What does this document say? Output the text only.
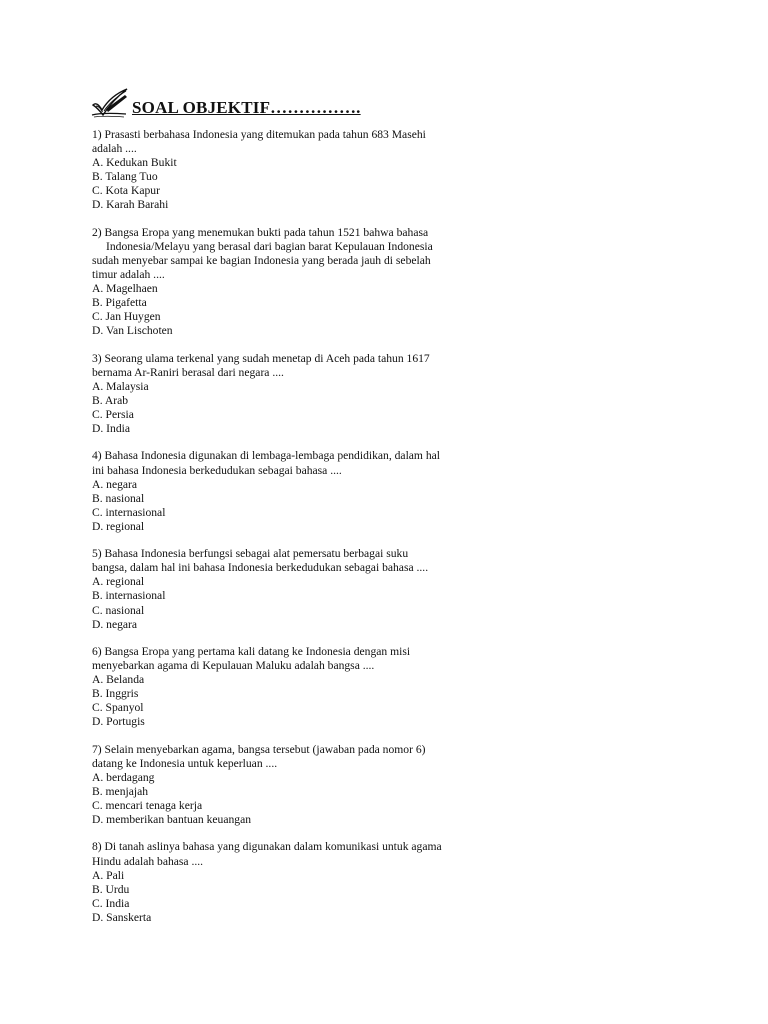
SOAL OBJEKTIF…………….
1) Prasasti berbahasa Indonesia yang ditemukan pada tahun 683 Masehi
adalah ....
A. Kedukan Bukit
B. Talang Tuo
C. Kota Kapur
D. Karah Barahi
2) Bangsa Eropa yang menemukan bukti pada tahun 1521 bahwa bahasa
Indonesia/Melayu yang berasal dari bagian barat Kepulauan Indonesia
sudah menyebar sampai ke bagian Indonesia yang berada jauh di sebelah
timur adalah ....
A. Magelhaen
B. Pigafetta
C. Jan Huygen
D. Van Lischoten
3) Seorang ulama terkenal yang sudah menetap di Aceh pada tahun 1617
bernama Ar-Raniri berasal dari negara ....
A. Malaysia
B. Arab
C. Persia
D. India
4) Bahasa Indonesia digunakan di lembaga-lembaga pendidikan, dalam hal
ini bahasa Indonesia berkedudukan sebagai bahasa ....
A. negara
B. nasional
C. internasional
D. regional
5) Bahasa Indonesia berfungsi sebagai alat pemersatu berbagai suku
bangsa, dalam hal ini bahasa Indonesia berkedudukan sebagai bahasa ....
A. regional
B. internasional
C. nasional
D. negara
6) Bangsa Eropa yang pertama kali datang ke Indonesia dengan misi
menyebarkan agama di Kepulauan Maluku adalah bangsa ....
A. Belanda
B. Inggris
C. Spanyol
D. Portugis
7) Selain menyebarkan agama, bangsa tersebut (jawaban pada nomor 6)
datang ke Indonesia untuk keperluan ....
A. berdagang
B. menjajah
C. mencari tenaga kerja
D. memberikan bantuan keuangan
8) Di tanah aslinya bahasa yang digunakan dalam komunikasi untuk agama
Hindu adalah bahasa ....
A. Pali
B. Urdu
C. India
D. Sanskerta
